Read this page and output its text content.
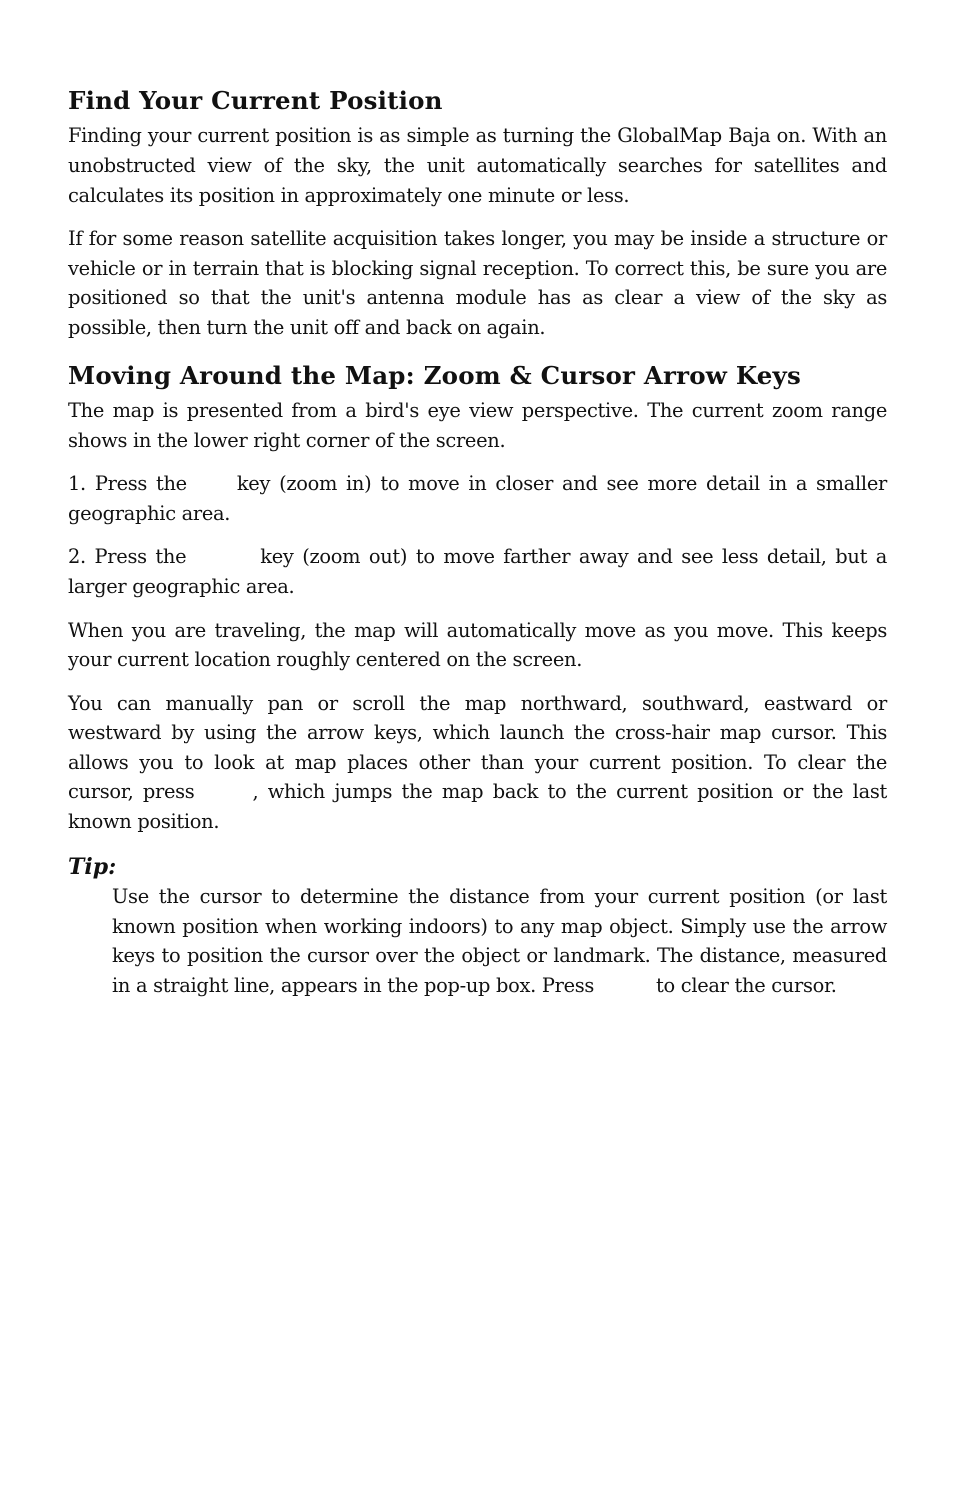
Find Your Current Position

Finding your current position is as simple as turning the GlobalMap Baja on. With an unobstructed view of the sky, the unit automatically searches for satellites and calculates its position in approximately one minute or less.

If for some reason satellite acquisition takes longer, you may be inside a structure or vehicle or in terrain that is blocking signal reception. To correct this, be sure you are positioned so that the unit's antenna module has as clear a view of the sky as possible, then turn the unit off and back on again.

Moving Around the Map: Zoom & Cursor Arrow Keys

The map is presented from a bird's eye view perspective. The current zoom range shows in the lower right corner of the screen.

1. Press the	key (zoom in) to move in closer and see more detail in a smaller geographic area.

2. Press the	key (zoom out) to move farther away and see less detail, but a larger geographic area.

When you are traveling, the map will automatically move as you move. This keeps your current location roughly centered on the screen.

You can manually pan or scroll the map northward, southward, eastward or westward by using the arrow keys, which launch the cross-hair map cursor. This allows you to look at map places other than your current position. To clear the cursor, press	, which jumps the map back to the current position or the last known position.

Tip:

Use the cursor to determine the distance from your current position (or last known position when working indoors) to any map object. Simply use the arrow keys to position the cursor over the object or landmark. The distance, measured in a straight line, appears in the pop-up box. Press	to clear the cursor.
